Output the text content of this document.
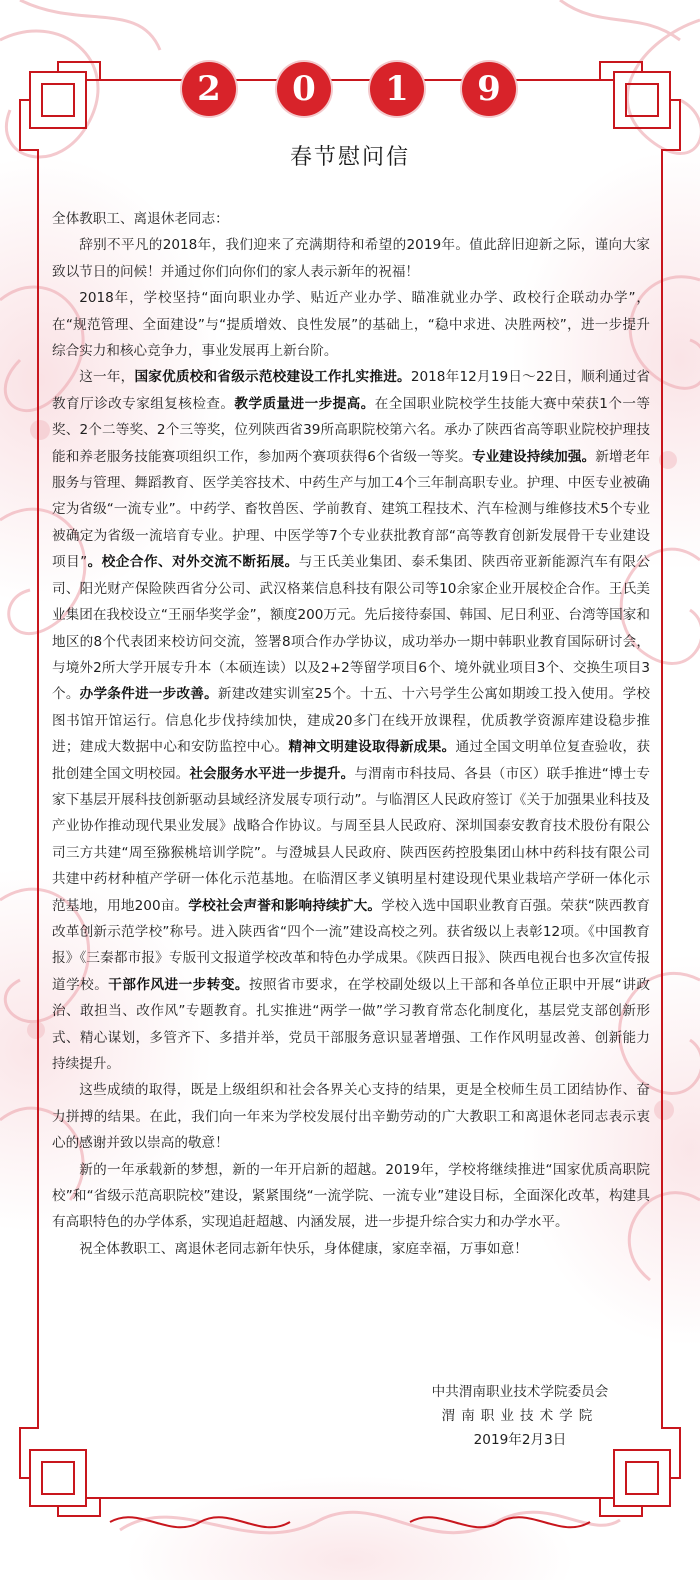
2	0	1	9
春节慰问信

全体教职工、离退休老同志：

辞别不平凡的2018年，我们迎来了充满期待和希望的2019年。值此辞旧迎新之际，谨向大家致以节日的问候！并通过你们向你们的家人表示新年的祝福！

2018年，学校坚持“面向职业办学、贴近产业办学、瞄准就业办学、政校行企联动办学”，在“规范管理、全面建设”与“提质增效、良性发展”的基础上，“稳中求进、决胜两校”，进一步提升综合实力和核心竞争力，事业发展再上新台阶。

这一年，国家优质校和省级示范校建设工作扎实推进。2018年12月19日～22日，顺利通过省教育厅诊改专家组复核检查。教学质量进一步提高。在全国职业院校学生技能大赛中荣获1个一等奖、2个二等奖、2个三等奖，位列陕西省39所高职院校第六名。承办了陕西省高等职业院校护理技能和养老服务技能赛项组织工作，参加两个赛项获得6个省级一等奖。专业建设持续加强。新增老年服务与管理、舞蹈教育、医学美容技术、中药生产与加工4个三年制高职专业。护理、中医专业被确定为省级“一流专业”。中药学、畜牧兽医、学前教育、建筑工程技术、汽车检测与维修技术5个专业被确定为省级一流培育专业。护理、中医学等7个专业获批教育部“高等教育创新发展骨干专业建设项目”。校企合作、对外交流不断拓展。与王氏美业集团、泰禾集团、陕西帝亚新能源汽车有限公司、阳光财产保险陕西省分公司、武汉格莱信息科技有限公司等10余家企业开展校企合作。王氏美业集团在我校设立“王丽华奖学金”，额度200万元。先后接待泰国、韩国、尼日利亚、台湾等国家和地区的8个代表团来校访问交流，签署8项合作办学协议，成功举办一期中韩职业教育国际研讨会，与境外2所大学开展专升本（本硕连读）以及2+2等留学项目6个、境外就业项目3个、交换生项目3个。办学条件进一步改善。新建改建实训室25个。十五、十六号学生公寓如期竣工投入使用。学校图书馆开馆运行。信息化步伐持续加快，建成20多门在线开放课程，优质教学资源库建设稳步推进；建成大数据中心和安防监控中心。精神文明建设取得新成果。通过全国文明单位复查验收，获批创建全国文明校园。社会服务水平进一步提升。与渭南市科技局、各县（市区）联手推进“博士专家下基层开展科技创新驱动县域经济发展专项行动”。与临渭区人民政府签订《关于加强果业科技及产业协作推动现代果业发展》战略合作协议。与周至县人民政府、深圳国泰安教育技术股份有限公司三方共建“周至猕猴桃培训学院”。与澄城县人民政府、陕西医药控股集团山林中药科技有限公司共建中药材种植产学研一体化示范基地。在临渭区孝义镇明星村建设现代果业栽培产学研一体化示范基地，用地200亩。学校社会声誉和影响持续扩大。学校入选中国职业教育百强。荣获“陕西教育改革创新示范学校”称号。进入陕西省“四个一流”建设高校之列。获省级以上表彰12项。《中国教育报》《三秦都市报》专版刊文报道学校改革和特色办学成果。《陕西日报》、陕西电视台也多次宣传报道学校。干部作风进一步转变。按照省市要求，在学校副处级以上干部和各单位正职中开展“讲政治、敢担当、改作风”专题教育。扎实推进“两学一做”学习教育常态化制度化，基层党支部创新形式、精心谋划，多管齐下、多措并举，党员干部服务意识显著增强、工作作风明显改善、创新能力持续提升。

这些成绩的取得，既是上级组织和社会各界关心支持的结果，更是全校师生员工团结协作、奋力拼搏的结果。在此，我们向一年来为学校发展付出辛勤劳动的广大教职工和离退休老同志表示衷心的感谢并致以崇高的敬意！

新的一年承载新的梦想，新的一年开启新的超越。2019年，学校将继续推进“国家优质高职院校”和“省级示范高职院校”建设，紧紧围绕“一流学院、一流专业”建设目标，全面深化改革，构建具有高职特色的办学体系，实现追赶超越、内涵发展，进一步提升综合实力和办学水平。

祝全体教职工、离退休老同志新年快乐，身体健康，家庭幸福，万事如意！

中共渭南职业技术学院委员会
渭南职业技术学院
2019年2月3日
